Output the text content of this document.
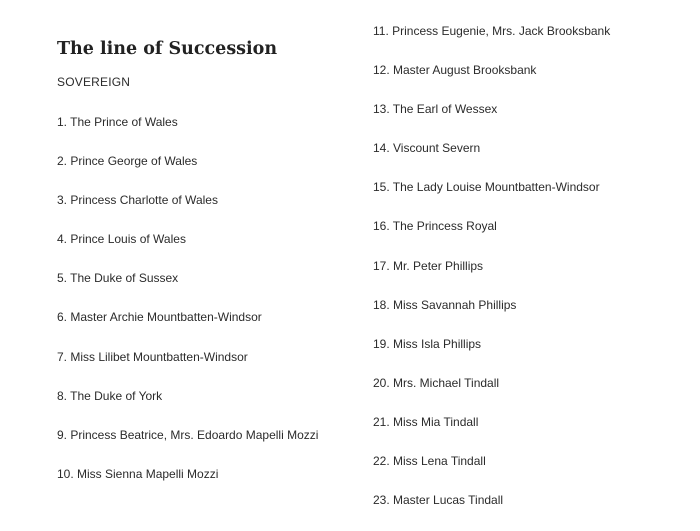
The line of Succession
SOVEREIGN
1. The Prince of Wales
2. Prince George of Wales
3. Princess Charlotte of Wales
4. Prince Louis of Wales
5. The Duke of Sussex
6. Master Archie Mountbatten-Windsor
7. Miss Lilibet Mountbatten-Windsor
8. The Duke of York
9. Princess Beatrice, Mrs. Edoardo Mapelli Mozzi
10. Miss Sienna Mapelli Mozzi
11. Princess Eugenie, Mrs. Jack Brooksbank
12. Master August Brooksbank
13. The Earl of Wessex
14. Viscount Severn
15. The Lady Louise Mountbatten-Windsor
16. The Princess Royal
17. Mr. Peter Phillips
18. Miss Savannah Phillips
19. Miss Isla Phillips
20. Mrs. Michael Tindall
21. Miss Mia Tindall
22. Miss Lena Tindall
23. Master Lucas Tindall
